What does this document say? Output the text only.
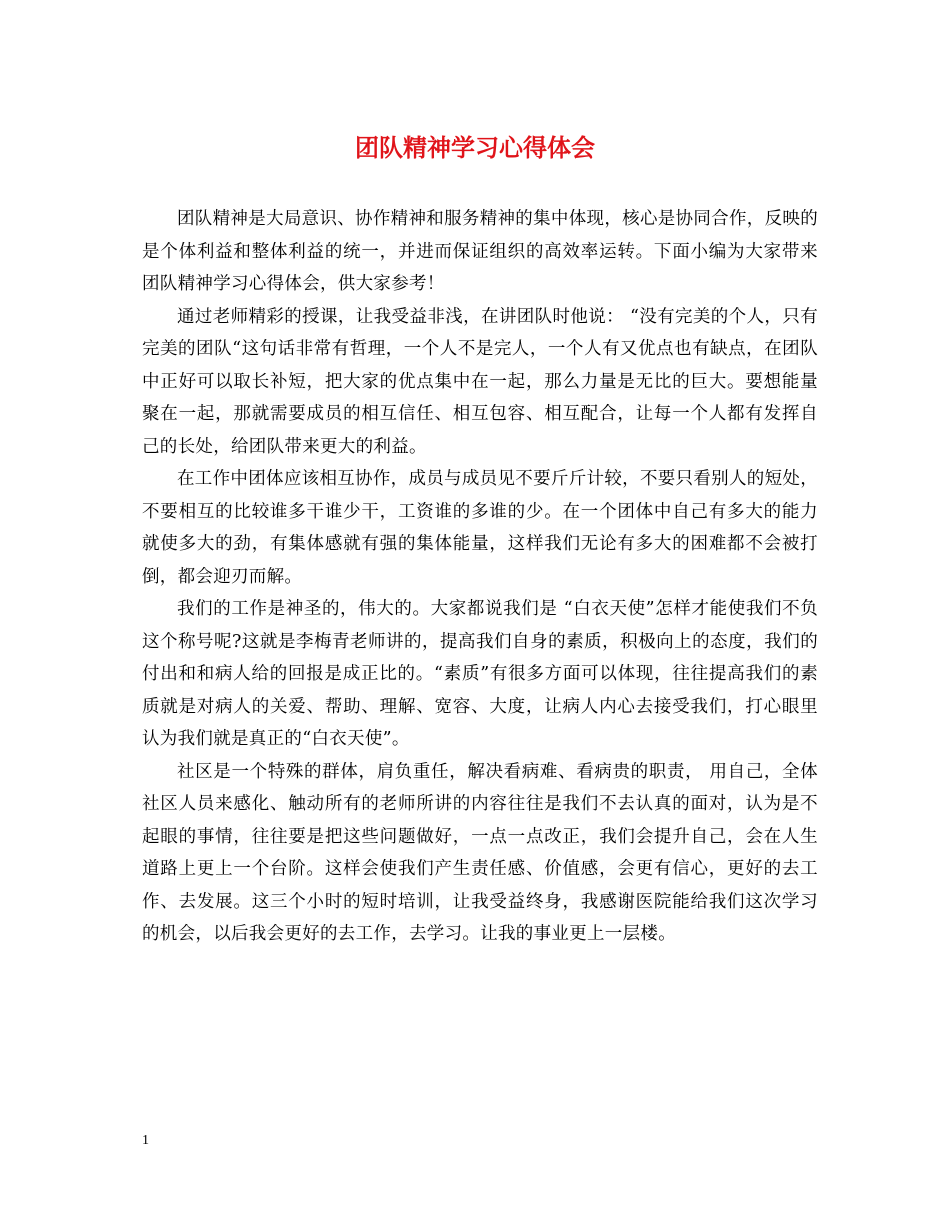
团队精神学习心得体会

团队精神是大局意识、协作精神和服务精神的集中体现，核心是协同合作，反映的是个体利益和整体利益的统一，并进而保证组织的高效率运转。下面小编为大家带来团队精神学习心得体会，供大家参考！

通过老师精彩的授课，让我受益非浅，在讲团队时他说： “没有完美的个人，只有完美的团队“这句话非常有哲理，一个人不是完人，一个人有又优点也有缺点，在团队中正好可以取长补短，把大家的优点集中在一起，那么力量是无比的巨大。要想能量聚在一起，那就需要成员的相互信任、相互包容、相互配合，让每一个人都有发挥自己的长处，给团队带来更大的利益。

在工作中团体应该相互协作，成员与成员见不要斤斤计较，不要只看别人的短处，不要相互的比较谁多干谁少干，工资谁的多谁的少。在一个团体中自己有多大的能力就使多大的劲，有集体感就有强的集体能量，这样我们无论有多大的困难都不会被打倒，都会迎刃而解。

我们的工作是神圣的，伟大的。大家都说我们是 “白衣天使”怎样才能使我们不负这个称号呢?这就是李梅青老师讲的，提高我们自身的素质，积极向上的态度，我们的付出和和病人给的回报是成正比的。“素质”有很多方面可以体现，往往提高我们的素质就是对病人的关爱、帮助、理解、宽容、大度，让病人内心去接受我们，打心眼里认为我们就是真正的“白衣天使”。

社区是一个特殊的群体，肩负重任，解决看病难、看病贵的职责， 用自己，全体社区人员来感化、触动所有的老师所讲的内容往往是我们不去认真的面对，认为是不起眼的事情，往往要是把这些问题做好，一点一点改正，我们会提升自己，会在人生道路上更上一个台阶。这样会使我们产生责任感、价值感，会更有信心，更好的去工作、去发展。这三个小时的短时培训，让我受益终身，我感谢医院能给我们这次学习的机会，以后我会更好的去工作，去学习。让我的事业更上一层楼。

1
